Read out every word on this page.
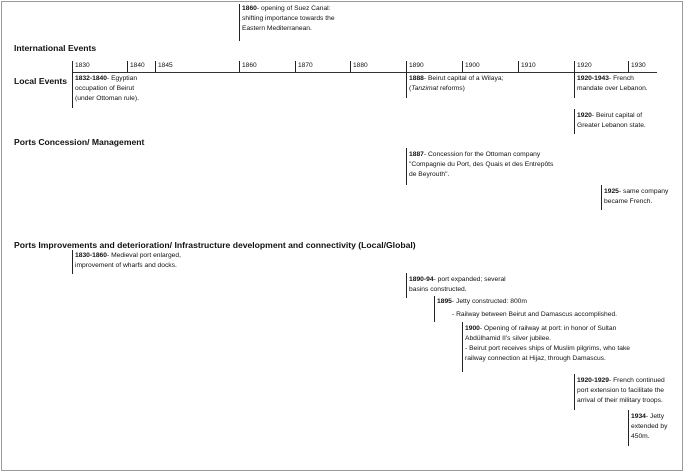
International Events
Local Events
Ports Concession/ Management
Ports Improvements and deterioration/ Infrastructure development and connectivity (Local/Global)
1830	1840 1845	1860	1870	1880	1890	1900	1910	1920	1930
1860- opening of Suez Canal:
shifting importance towards the
Eastern Mediterranean.
1832-1840- Egyptian
occupation of Beirut
(under Ottoman rule).
1888- Beirut capital of a Wilaya;
(Tanzimat reforms)
1920-1943- French
mandate over Lebanon.
1920- Beirut capital of
Greater Lebanon state.
1887- Concession for the Ottoman company
"Compagnie du Port, des Quais et des Entrepôts
de Beyrouth".
1925- same company
became French.
1830-1860- Medieval port enlarged,
improvement of wharfs and docks.
1890-94- port expanded; several
basins constructed.
1895- Jetty constructed: 800m
- Railway between Beirut and Damascus accomplished.
1900- Opening of railway at port: in honor of Sultan
Abdülhamid II's silver jubilee.
- Beirut port receives ships of Muslim pilgrims, who take
railway connection at Hijaz, through Damascus.
1920-1929- French continued
port extension to facilitate the
arrival of their military troops.
1934- Jetty
extended by
450m.
